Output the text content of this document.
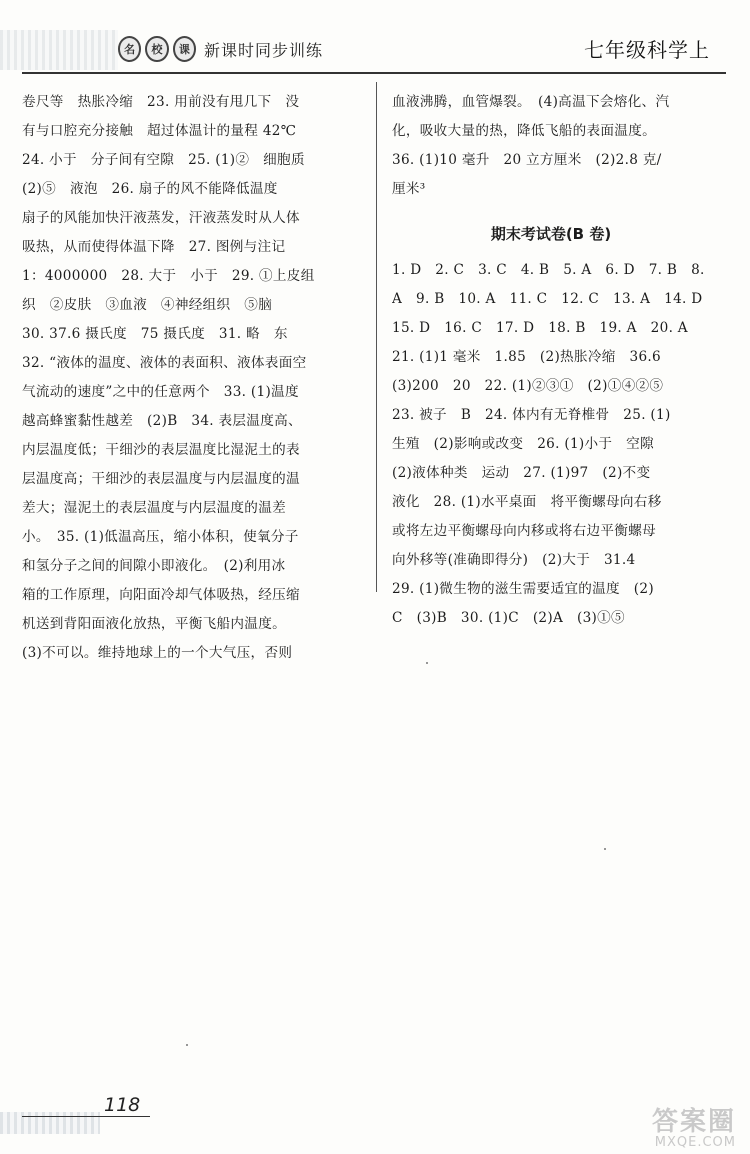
名	校	课 新课时同步训练	七年级科学上
卷尺等　热胀冷缩　23. 用前没有甩几下　没
有与口腔充分接触　超过体温计的量程 42℃
24. 小于　分子间有空隙　25. (1)②　细胞质
(2)⑤　液泡　26. 扇子的风不能降低温度
扇子的风能加快汗液蒸发，汗液蒸发时从人体
吸热，从而使得体温下降　27. 图例与注记
1：4000000　28. 大于　小于　29. ①上皮组
织　②皮肤　③血液　④神经组织　⑤脑
30. 37.6 摄氏度　75 摄氏度　31. 略　东
32. “液体的温度、液体的表面积、液体表面空
气流动的速度”之中的任意两个　33. (1)温度
越高蜂蜜黏性越差　(2)B　34. 表层温度高、
内层温度低；干细沙的表层温度比湿泥土的表
层温度高；干细沙的表层温度与内层温度的温
差大；湿泥土的表层温度与内层温度的温差
小。　35. (1)低温高压，缩小体积，使氧分子
和氢分子之间的间隙小即液化。　(2)利用冰
箱的工作原理，向阳面冷却气体吸热，经压缩
机送到背阳面液化放热，平衡飞船内温度。
(3)不可以。维持地球上的一个大气压，否则
血液沸腾，血管爆裂。　(4)高温下会熔化、汽
化，吸收大量的热，降低飞船的表面温度。
36. (1)10 毫升　20 立方厘米　(2)2.8 克/
厘米³
期末考试卷(B 卷)
1. D　2. C　3. C　4. B　5. A　6. D　7. B　8.
A　9. B　10. A　11. C　12. C　13. A　14. D
15. D　16. C　17. D　18. B　19. A　20. A
21. (1)1 毫米　1.85　(2)热胀冷缩　36.6
(3)200　20　22. (1)②③①　(2)①④②⑤
23. 被子　B　24. 体内有无脊椎骨　25. (1)
生殖　(2)影响或改变　26. (1)小于　空隙
(2)液体种类　运动　27. (1)97　(2)不变
液化　28. (1)水平桌面　将平衡螺母向右移
或将左边平衡螺母向内移或将右边平衡螺母
向外移等(准确即得分)　(2)大于　31.4
29. (1)微生物的滋生需要适宜的温度　(2)
C　(3)B　30. (1)C　(2)A　(3)①⑤
118
答案圈
MXQE.COM
